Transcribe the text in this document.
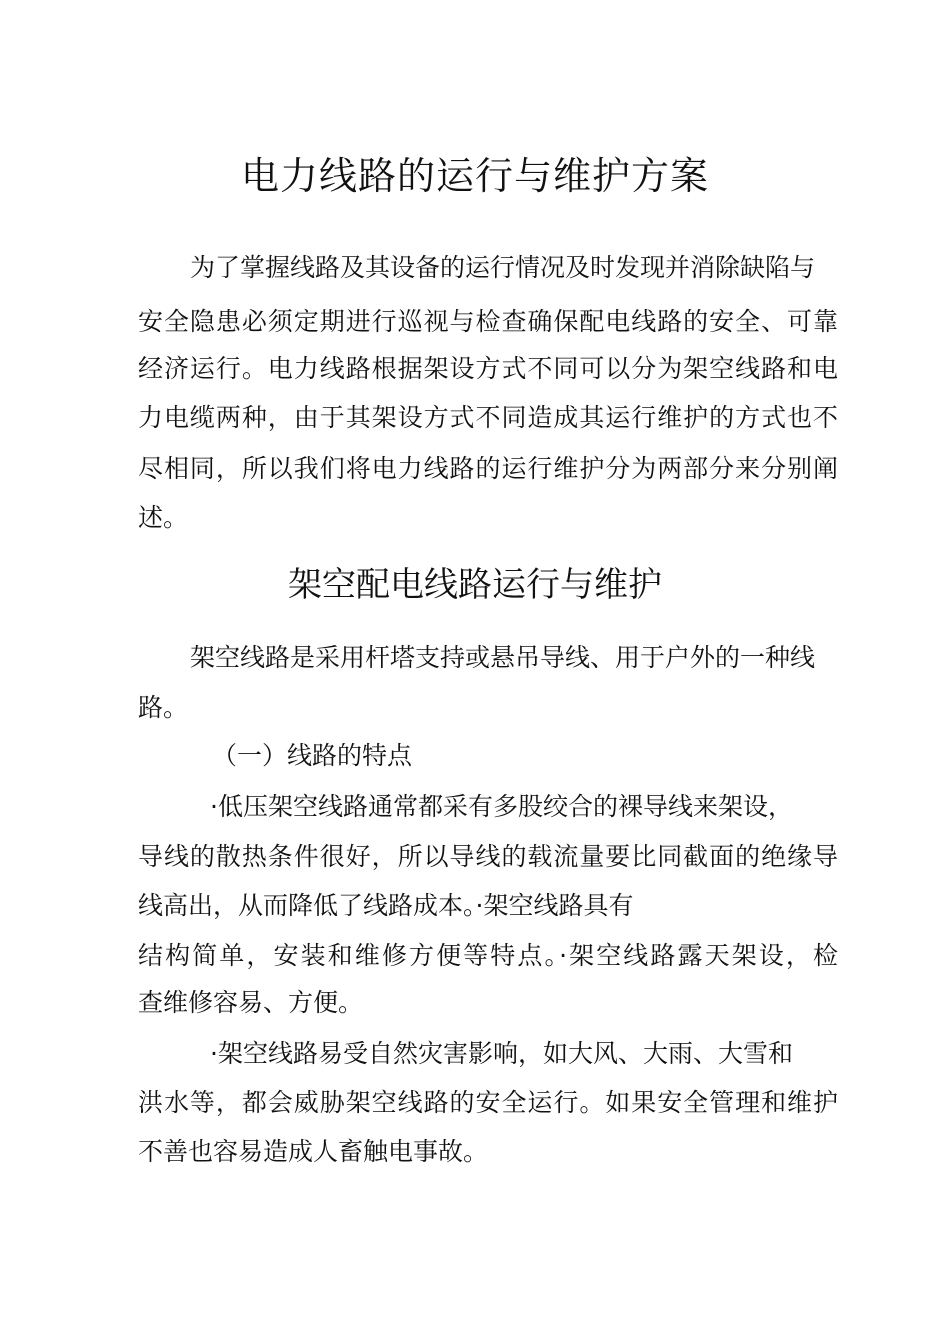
电力线路的运行与维护方案

为了掌握线路及其设备的运行情况及时发现并消除缺陷与

安全隐患必须定期进行巡视与检查确保配电线路的安全、可靠

经济运行。电力线路根据架设方式不同可以分为架空线路和电

力电缆两种，由于其架设方式不同造成其运行维护的方式也不

尽相同，所以我们将电力线路的运行维护分为两部分来分别阐

述。

架空配电线路运行与维护

架空线路是采用杆塔支持或悬吊导线、用于户外的一种线

路。

（一）线路的特点

·低压架空线路通常都采有多股绞合的裸导线来架设，

导线的散热条件很好，所以导线的载流量要比同截面的绝缘导

线高出，从而降低了线路成本。·架空线路具有

结构简单，安装和维修方便等特点。·架空线路露天架设，检

查维修容易、方便。

·架空线路易受自然灾害影响，如大风、大雨、大雪和

洪水等，都会威胁架空线路的安全运行。如果安全管理和维护

不善也容易造成人畜触电事故。
